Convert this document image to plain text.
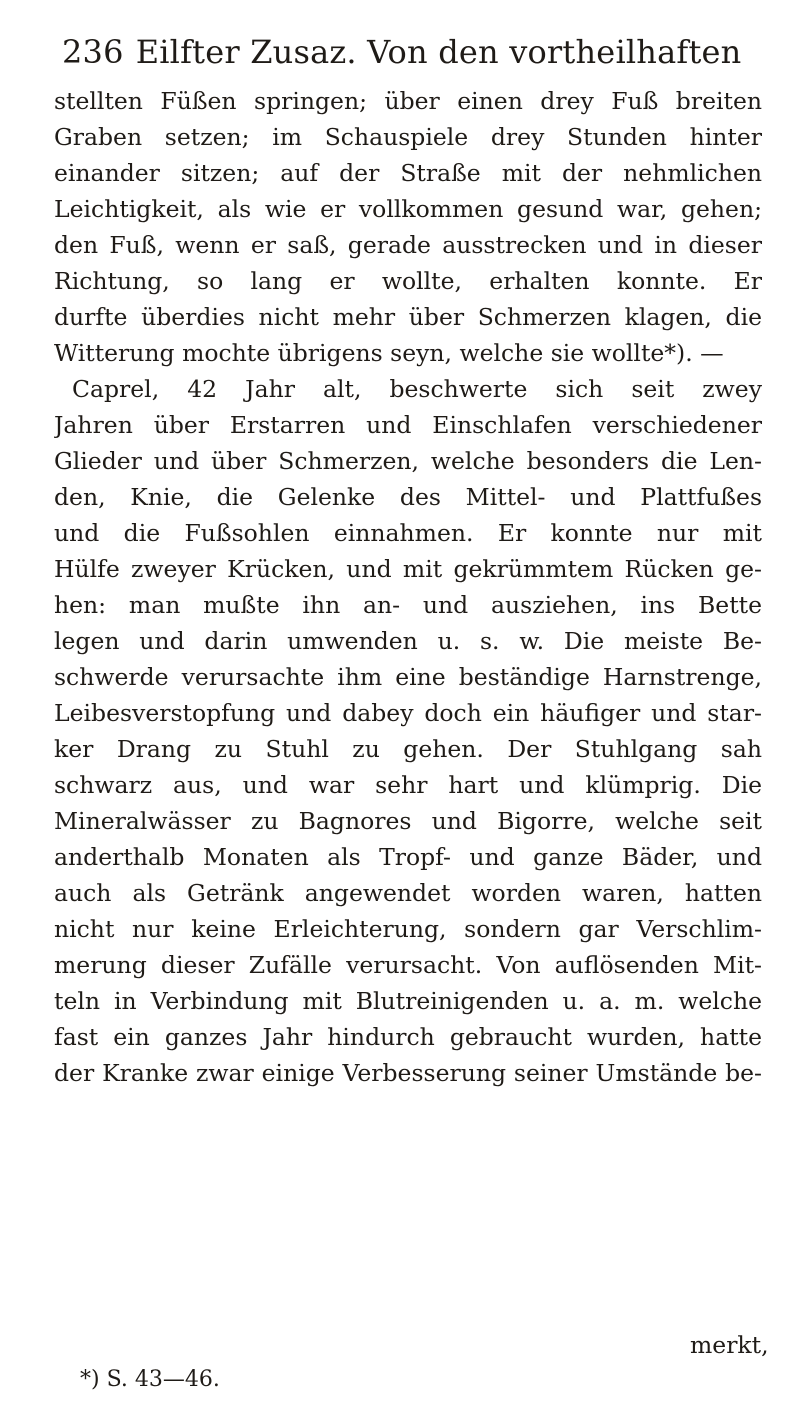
236 Eilfter Zusaz. Von den vortheilhaften
stellten Füßen springen; über einen drey Fuß breiten
Graben setzen; im Schauspiele drey Stunden hinter
einander sitzen; auf der Straße mit der nehmlichen
Leichtigkeit, als wie er vollkommen gesund war, gehen;
den Fuß, wenn er saß, gerade ausstrecken und in dieser
Richtung, so lang er wollte, erhalten konnte. Er
durfte überdies nicht mehr über Schmerzen klagen, die
Witterung mochte übrigens seyn, welche sie wollte*). —
Caprel, 42 Jahr alt, beschwerte sich seit zwey
Jahren über Erstarren und Einschlafen verschiedener
Glieder und über Schmerzen, welche besonders die Len-
den, Knie, die Gelenke des Mittel- und Plattfußes
und die Fußsohlen einnahmen. Er konnte nur mit
Hülfe zweyer Krücken, und mit gekrümmtem Rücken ge-
hen: man mußte ihn an- und ausziehen, ins Bette
legen und darin umwenden u. s. w. Die meiste Be-
schwerde verursachte ihm eine beständige Harnstrenge,
Leibesverstopfung und dabey doch ein häufiger und star-
ker Drang zu Stuhl zu gehen. Der Stuhlgang sah
schwarz aus, und war sehr hart und klümprig. Die
Mineralwässer zu Bagnores und Bigorre, welche seit
anderthalb Monaten als Tropf- und ganze Bäder, und
auch als Getränk angewendet worden waren, hatten
nicht nur keine Erleichterung, sondern gar Verschlim-
merung dieser Zufälle verursacht. Von auflösenden Mit-
teln in Verbindung mit Blutreinigenden u. a. m. welche
fast ein ganzes Jahr hindurch gebraucht wurden, hatte
der Kranke zwar einige Verbesserung seiner Umstände be-
merkt,
*) S. 43—46.
